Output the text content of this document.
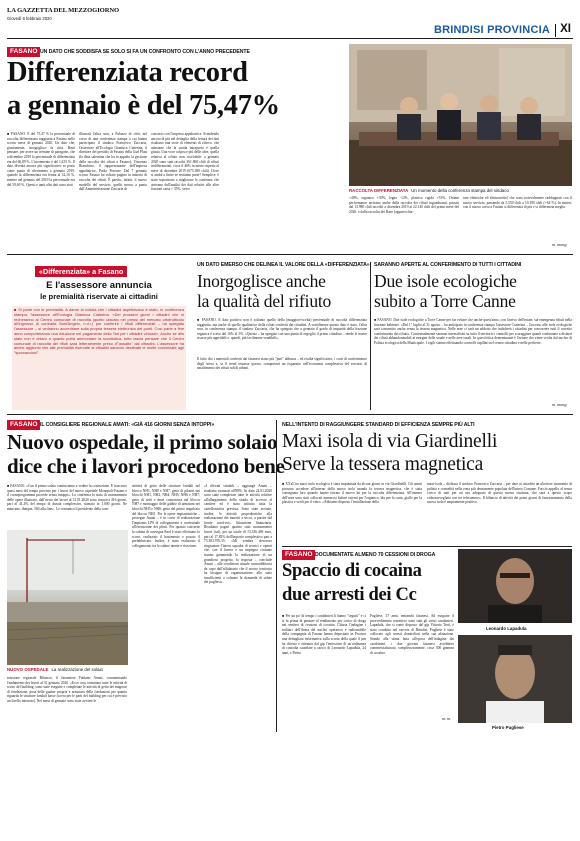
LA GAZZETTA DEL MEZZOGIORNO
Giovedì 6 febbraio 2020
BRINDISI PROVINCIA XI
FASANO UN DATO CHE SODDISFA SE SOLO SI FA UN CONFRONTO CON L'ANNO PRECEDENTE
Differenziata record
a gennaio è del 75,47%
RACCOLTA DIFFERENZIATA Un momento della conferenza stampa del sindaco
■ FASANO. È del 75,47 % la percentuale di raccolta differenziata raggiunta a Fasano nello scorso mese di gennaio 2020. Un dato che, giustamente, inorgoglisce la città. Basti pensare, per avere un termine di paragone, che a dicembre 2019 la percentuale di differenziata era del 66,89 %. L'incremento è del 14,55 %. Il dato diventa ancora più significativo se posto come punto di riferimento a gennaio 2019, quando la differenziata era ferma al 32,10 %, mentre nel gennaio del 2019 la percentuale era del 59,69 %. Questi e tanti altri dati sono stati
illustrati l'altra sera, a Palazzo di città, nel corso di una conferenza stampa a cui hanno partecipato il sindaco Francesco Zaccaria, l'assessore all'Ecologia Gianluca Ciaterina, il direttore del presidio di Fasano della Gial Plast (la ditta salentina che ha in appalto la gestione della raccolta dei rifiuti a Fasano), Vincenzo Bianchino, il rappresentante dell'impresa appaltatrice, Paolo Perrone. Dal 7 gennaio scorso Fasano ha voltato pagina in materia di raccolta dei rifiuti. È partito, infatti, il nuovo modello del servizio, quello messo a punto dall'Amministrazione Zaccaria di
concerto con l'impresa appaltatrice. Scendendo ancora di più nel dettaglio della lettura dei dati risultano una serie di elementi di rilievo, che attestano che la strada intrapresa è quella giusta. Una voce colpisce più delle altre, quella relativa al rifiuto non riciclabile: a gennaio 2020 sono stati raccolti 361.860 chili di rifiuti indifferenziati, circa il 46% in meno rispetto al mese di dicembre 2019 (675.380 chili). Dove si andrà a finire se restiamo parte? Semplice: è stato soprattutto a migliorare le conferme che arrivano dall'analisi dei dati relativi alle altre frazioni carta + 35%, vetro
+40%, organico +30%, legno -12%, plastica rigida +53%. Ottime performance arrivano anche dalla raccolta dei rifiuti ingombranti, passati dal 13.980 chili raccolti a dicembre 2019 ai 22.140 chili del primo mese del 2020, e dalla raccolta dei Raee (apparecchia-
ture elettriche ed elettroniche) che sono notevolmente raddoppiati con il nuovo servizio, passando da 5.550 chili a 10.390 chili (+64 %). In sintesi, con il nuovo corso a Fasano si differenzia di più e si differenzia meglio.
m. mong.
«Differenziata» a Fasano
E l'assessore annuncia
le premialità riservate ai cittadini
■ Si parte con le premialità. A darne la notizia che i cittadini aspettavano è stato, in conferenza stampa, l'assessore all'Ecologia Gianluca Ciaterina. «Dei prossimi giorni i cittadini che si recheranno al Centro comunale di raccolta (quello ubicato nei pressi del mercato ortofrutticolo all'ingrosso di contrada Sant'Angelo, n.d.r.) per conferire i rifiuti differenziati – ha spiegato l'assessore – si vedranno accreditare sulla propria tessera elettronica dei punti. Così parte a fine anno comporteranno una riduzione nel pagamento della Tari per i cittadini virtuosi». Anche se allo stato non è chiaro a quanto potrà ammontare la scontistica, tutto lascia pensare che il Centro comunale di raccolta dei rifiuti sarà letteralmente preso d'"assalto" dai cittadini. L'assessore ha anche aggiunto che alle premialità riservate ai cittadini saranno destinate le multe comminate agli "sporcaccioni".
UN DATO EMERSO CHE DELINEA IL VALORE DELLA «DIFFERENZIATA»
Inorgoglisce anche
la qualità del rifiuto
■ FASANO. E dato positivo non è soltanto quello della (maggiore/scelta) percentuale di raccolta differenziata raggiunta, ma anche di quello qualitativo della rifiuti conferiti dai cittadini. A sottolineare questo dato è stato, l'altra sera, in conferenza stampa, il sindaco Zaccaria, che ha spiegato che a gennaio il grado di impurità della frazione organica è sceso dal 16% al 5%. «Questo – ha spiegato con una punta di orgoglio il primo cittadino – rende le nostre risorse più appetibili e, quindi, più facilmente vendibili».
Il fatto che i materiali conferiti dai fasanesi siano più "puri" abbassa – ed risulta significativo, i costi di conferimento degli stessi e, se il trend restasse questo, comporterà un risparmio nell'economia complessiva del servizio di smaltimento dei rifiuti solidi urbani.
SARANNO APERTE AL CONFERIMENTO DI TUTTI I CITTADINI
Due isole ecologiche
subito a Torre Canne
■ FASANO. Due isole ecologiche a Torre Canne per far evitare che anche quest'anno, con l'arrivo dell'estate, sia emergenza rifiuti nella frazione balneare. «Dal 1° luglio al 31 agosto – ha anticipato in conferenza stampa l'assessore Ciaterina – l'accesso alle isole ecologiche sarà consentito anche senza la tessera magnetica. Nelle aree ci sarà un addetto che indicherà i cittadini per concorrere tutti il corretto conferimento dei rifiuti». Contestualmente saranno intensificati su tutto il territorio i controlli per scoraggiare quanti continuano a disfarsi dei rifiuti abbandonandoli ai margini delle strade e nelle aree rurali. In quest'ottica determinante è l'azione che viene svolta dal nucleo di Polizia ecologica della Municipale. I vigili stanno effettuando controlli capillari nel centro cittadino e nelle periferie.
m. mong.
FASANO IL CONSIGLIERE REGIONALE AMATI: «GIÀ 416 GIORNI SENZA INTOPPI»
Nuovo ospedale, il primo solaio
dice che i lavori procedono bene
■ FASANO. «Con il primo solaio cominciamo a vedere la costruzione. È trascorso quasi mesi del tempo previsto per i lavori del nuovo ospedale Monopoli-Fasano e il cronoprogramma procede senza intoppi». Lo conferma lo stato di avanzamento delle opere illustrato, dall'avvio dei lavori al 31.01.2020 sono trascorsi 416 giorni, pari al 41,4% del tempo di durata complessivo, stimato in 1.000 giorni. Ne mancano, dunque, 584 alla fine». Lo comunica il presidente della com-
NUOVO OSPEDALE La realizzazione del solaio
missione regionale Bilancio, il finanziere Fabiano Amati, commentando l'andamento dei lavori al 31 gennaio 2020. «Ecco ora» terminato tutte le attività di scavo del building, sono state eseguite e completate le attività di getto dei magroni di fondazione, posa delle guaine proprie e armatura delle fondazioni per quanto riguarda le strutture fondali basse (sovra per le parti del building per cui è previsto un livello interrato). Nel mese di gennaio sono state avviate le
attività di getto delle strutture fondali nel blocco NH1, NH8 e NH7, getto di pilastri nei blocchi NH1, NH2, NH4, NH5, NH6 e NH7; getto di setti e muri controterra nel blocco NH7 e montaggio delle gabbie di armatura nei blocchi NH5 e NH6; getto del primo impalcato del blocco NH1. Per le opere impiantistiche – proseguе Amati – è in corso di realizzazione l'impianto LPS di collegamento e contestuale all'esecuzione dei plinti. Per quanto concerne la cabina di consegna Enel è stato effettuato lo scavo, realizzato il basamento e posato il prefabbricato. Inoltre, è stato realizzato il collegamento tra le cabine utente e ricezione.
«I rilevati stradali – aggiunge Amati – risultano avanzati all'88%. In data 24.01.2020 sono state completate tutte le attività relative all'allargamento della strada di accesso al cantiere ed è stata istituita tutta la cartellonistica prevista. Sono state avviate, inoltre, le attività propedeutiche alla realizzazione dei muretti a secco, a partire dal fronte nord-est». Situazione finanziaria. Risultano pagati quattro stati avanzamento lavori (sal), per un totale di 13.336.469 euro, pari al 17,82% dell'importo complessivo pari a 73.383.976,35. «Mi sembra doveroso ringraziare l'intera squadra di tecnici e operai che, con il lavoro e un impegno costante stanno garantendo la realizzazione di un grandioso progetto, la risposta – conclude Amati – alle condizioni attuale contraddittoria da capo dall'affidatario che il nostro territorio ha bisogno di organizzazione, allo stato insufficienti a colmare la domanda di salute dei pugliesi».
NELL'INTENTO DI RAGGIUNGERE STANDARD DI EFFICIENZA SEMPRE PIÙ ALTI
Maxi isola di via Giardinelli
Serve la tessera magnetica
■ XXxL'na maxi isola ecologica è stata impiantata da alcuni giorni in via Giardinelli. Gli utenti possono accedere all'interno della nuova isola usando la tessera magnetica, che è stata consegnata loro quando hanno ritirato il nuovo kit per la raccolta differenziata. All'interno dell'area sono stati collocati numerosi bidoni esterni per l'organico, blu per la carta, giallo per la plastica e verdi per il vetro. «Abbiamo disposto l'installazione della
maxi-isola – dichiara il sindaco Francesco Zaccaria – per dare ai cittadini un ulteriore strumento di pulizia e comodità nella zona più densamente popolata dell'intero Comune. Faccio appello al senso civico di tutti per un uso adeguato di questa nuova struttura, che sarà a questo scopo videosorvegliata con tre telecamere». Il bilancio di attività dei primi giorni di funzionamento della nuova isola è ampiamente positivo.
FASANO DOCUMENTATE ALMENO 70 CESSIONI DI DROGA
Spaccio di cocaina
due arresti dei Cc
■ Per un po' di tempo i carabinieri li hanno "seguiti" e ci si fa prima di pensare al rendimento per carico di droga nei sentieri di cessioni di cocaina. Chiusa l'indagine i militari dell'Arma del nucleo operativo e radiomobile della compagnia di Fasano hanno depositato in Procura una dettagliata informativa sulla scorta della quale il pm ha chiesto e ottenuto dal gip l'emissione di un'ordinanza di custodia cautelare a carico di Leonardo Lapadula, 24 anni, e Pietro
Pugliese, 37 anni, entrambi fasanesi. Ad eseguire il provvedimento restrittivo sono stati gli stessi carabinieri. Lapadula, che si come disposto dal gip Vittorio Testi, è stato condotto nel carcere di Brindisi, Pugliese è stato collocato agli arresti domiciliari nella sua abitazione. Stando alla stima fatta all'epoca dell'indagine dai carabinieri, i due giovani fasanesi avrebbero commercializzato, complessivamente, circa 300 grammi di cocaina.
m. m.
Leonardo Lapadula
Pietro Pugliese
